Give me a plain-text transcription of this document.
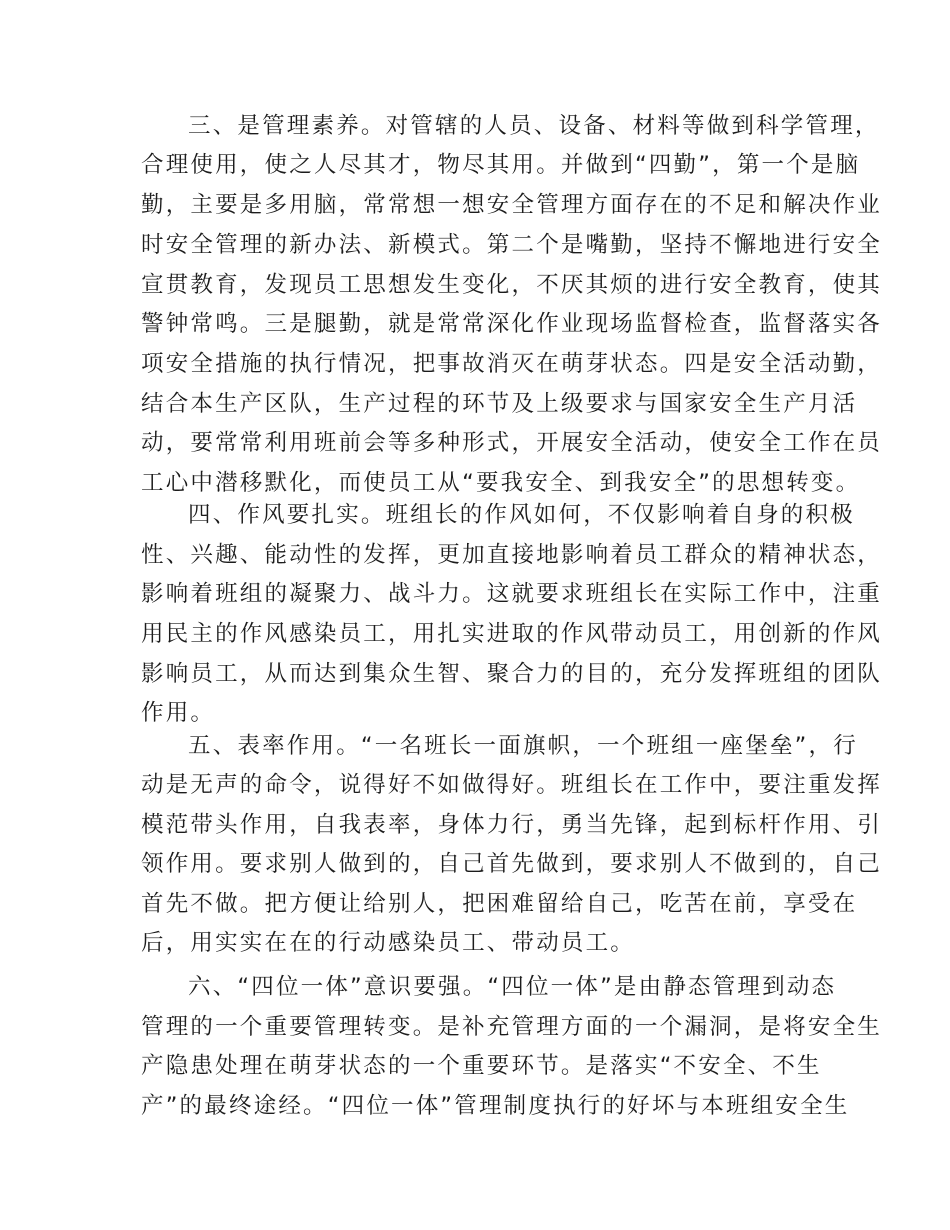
三、是管理素养。对管辖的人员、设备、材料等做到科学管理，
合理使用，使之人尽其才，物尽其用。并做到“四勤”，第一个是脑
勤，主要是多用脑，常常想一想安全管理方面存在的不足和解决作业
时安全管理的新办法、新模式。第二个是嘴勤，坚持不懈地进行安全
宣贯教育，发现员工思想发生变化，不厌其烦的进行安全教育，使其
警钟常鸣。三是腿勤，就是常常深化作业现场监督检查，监督落实各
项安全措施的执行情况，把事故消灭在萌芽状态。四是安全活动勤，
结合本生产区队，生产过程的环节及上级要求与国家安全生产月活
动，要常常利用班前会等多种形式，开展安全活动，使安全工作在员
工心中潜移默化，而使员工从“要我安全、到我安全”的思想转变。
四、作风要扎实。班组长的作风如何，不仅影响着自身的积极
性、兴趣、能动性的发挥，更加直接地影响着员工群众的精神状态，
影响着班组的凝聚力、战斗力。这就要求班组长在实际工作中，注重
用民主的作风感染员工，用扎实进取的作风带动员工，用创新的作风
影响员工，从而达到集众生智、聚合力的目的，充分发挥班组的团队
作用。
五、表率作用。“一名班长一面旗帜，一个班组一座堡垒”，行
动是无声的命令，说得好不如做得好。班组长在工作中，要注重发挥
模范带头作用，自我表率，身体力行，勇当先锋，起到标杆作用、引
领作用。要求别人做到的，自己首先做到，要求别人不做到的，自己
首先不做。把方便让给别人，把困难留给自己，吃苦在前，享受在
后，用实实在在的行动感染员工、带动员工。
六、“四位一体”意识要强。“四位一体”是由静态管理到动态
管理的一个重要管理转变。是补充管理方面的一个漏洞，是将安全生
产隐患处理在萌芽状态的一个重要环节。是落实“不安全、不生
产”的最终途经。“四位一体”管理制度执行的好坏与本班组安全生
